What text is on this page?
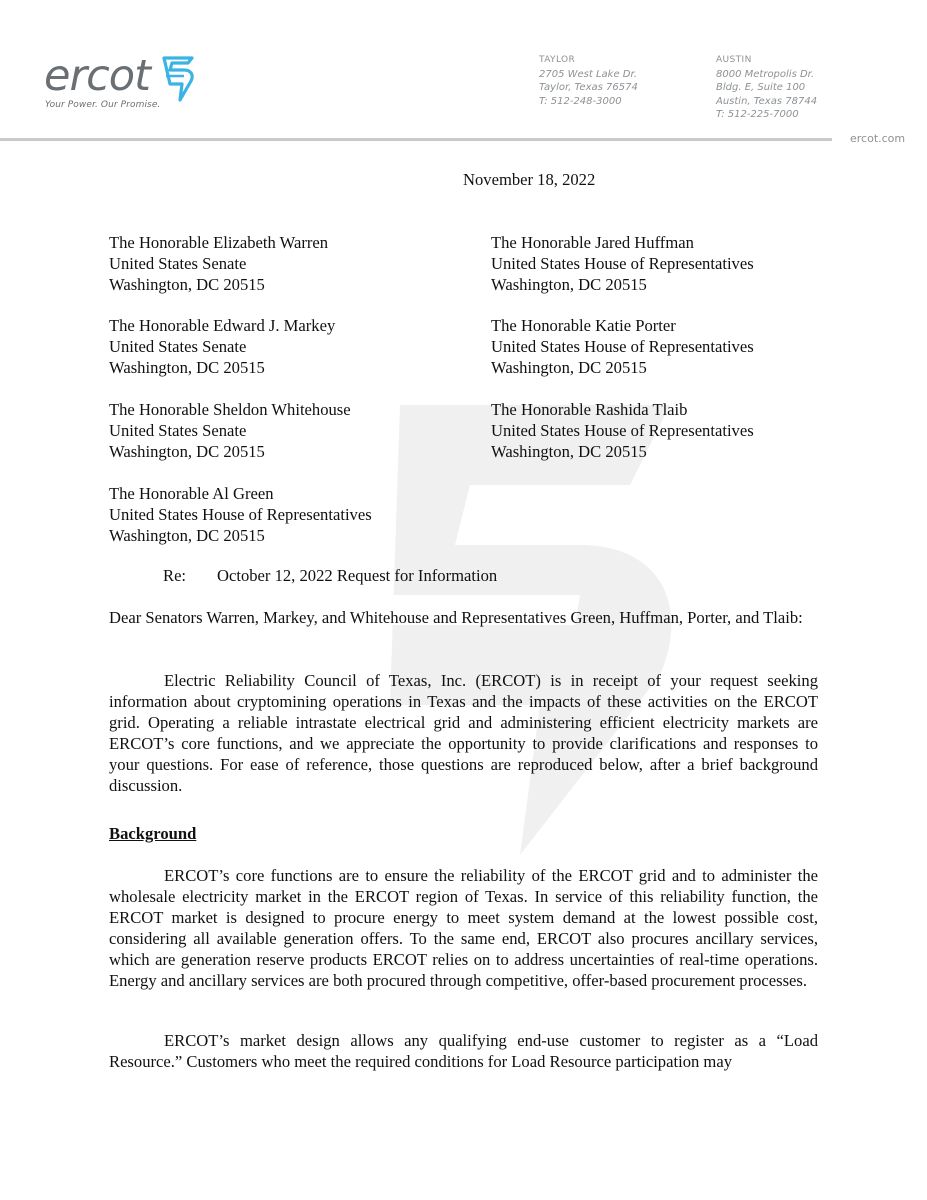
ercot
Your Power. Our Promise.
TAYLOR
2705 West Lake Dr.
Taylor, Texas 76574
T: 512-248-3000
AUSTIN
8000 Metropolis Dr.
Bldg. E, Suite 100
Austin, Texas 78744
T: 512-225-7000
ercot.com
November 18, 2022
The Honorable Elizabeth Warren
United States Senate
Washington, DC 20515
The Honorable Jared Huffman
United States House of Representatives
Washington, DC 20515
The Honorable Edward J. Markey
United States Senate
Washington, DC 20515
The Honorable Katie Porter
United States House of Representatives
Washington, DC 20515
The Honorable Sheldon Whitehouse
United States Senate
Washington, DC 20515
The Honorable Rashida Tlaib
United States House of Representatives
Washington, DC 20515
The Honorable Al Green
United States House of Representatives
Washington, DC 20515
Re: October 12, 2022 Request for Information
Dear Senators Warren, Markey, and Whitehouse and Representatives Green, Huffman, Porter, and Tlaib:
Electric Reliability Council of Texas, Inc. (ERCOT) is in receipt of your request seeking information about cryptomining operations in Texas and the impacts of these activities on the ERCOT grid. Operating a reliable intrastate electrical grid and administering efficient electricity markets are ERCOT’s core functions, and we appreciate the opportunity to provide clarifications and responses to your questions. For ease of reference, those questions are reproduced below, after a brief background discussion.
Background
ERCOT’s core functions are to ensure the reliability of the ERCOT grid and to administer the wholesale electricity market in the ERCOT region of Texas. In service of this reliability function, the ERCOT market is designed to procure energy to meet system demand at the lowest possible cost, considering all available generation offers. To the same end, ERCOT also procures ancillary services, which are generation reserve products ERCOT relies on to address uncertainties of real-time operations. Energy and ancillary services are both procured through competitive, offer-based procurement processes.
ERCOT’s market design allows any qualifying end-use customer to register as a “Load Resource.” Customers who meet the required conditions for Load Resource participation may
